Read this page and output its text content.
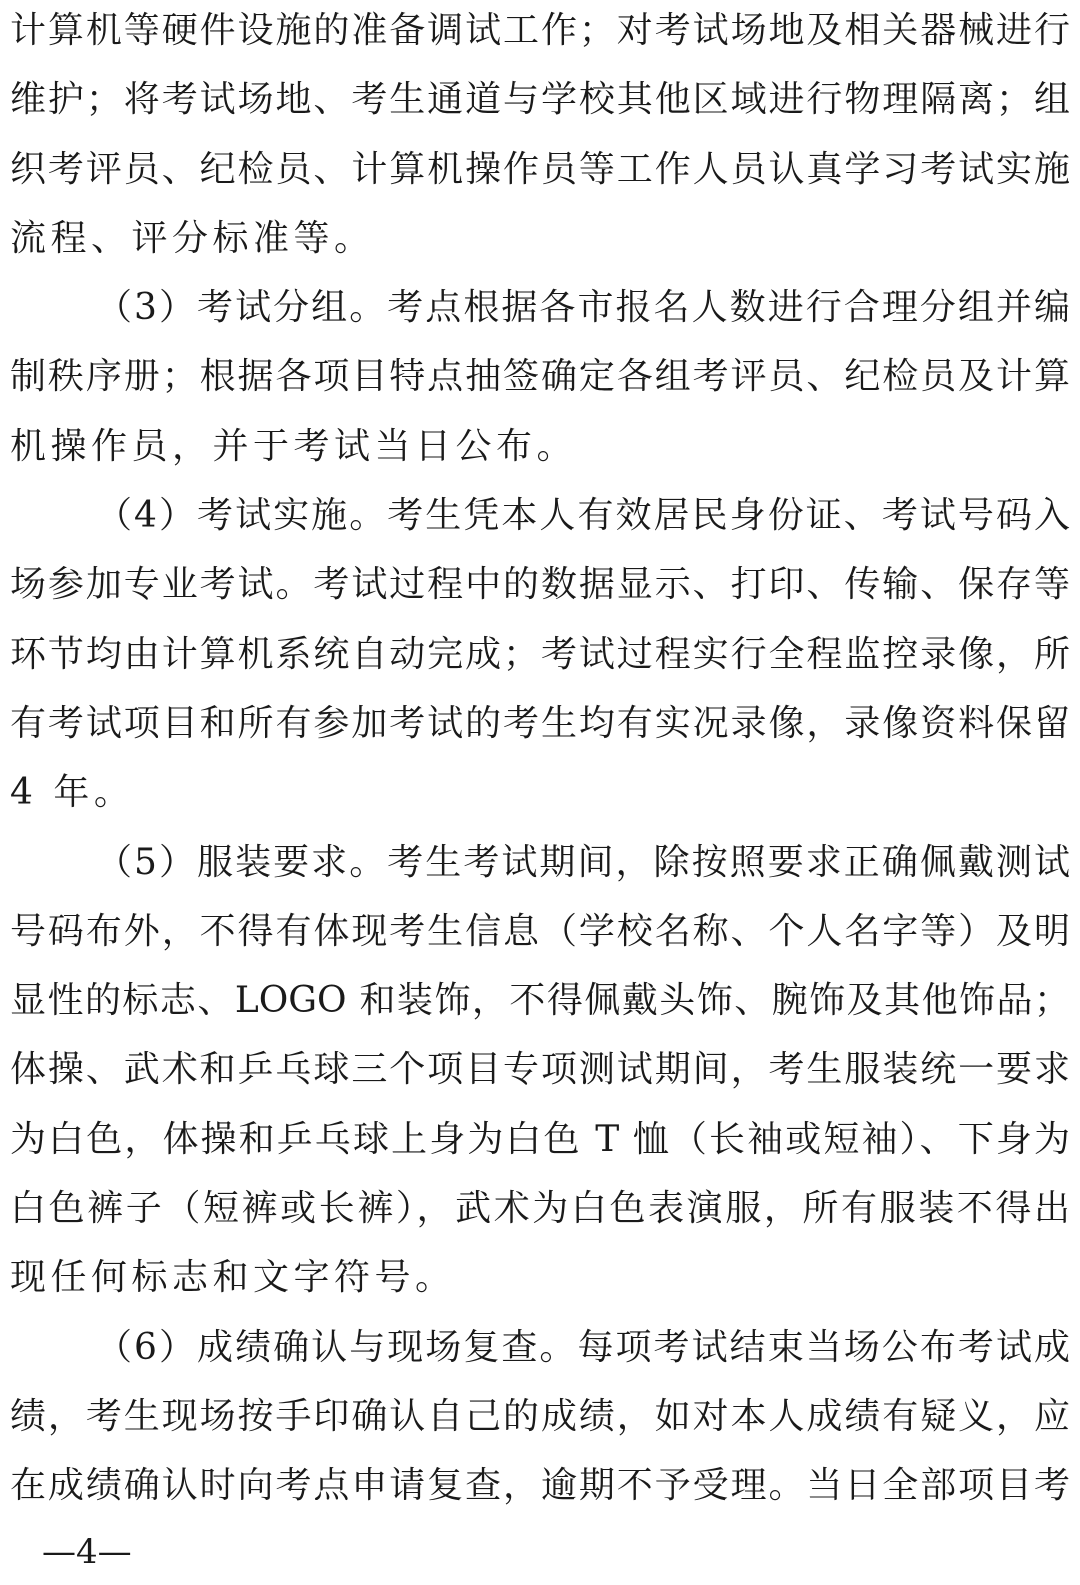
计算机等硬件设施的准备调试工作；对考试场地及相关器械进行
维护；将考试场地、考生通道与学校其他区域进行物理隔离；组
织考评员、纪检员、计算机操作员等工作人员认真学习考试实施
流程、评分标准等。
（3）考试分组。考点根据各市报名人数进行合理分组并编
制秩序册；根据各项目特点抽签确定各组考评员、纪检员及计算
机操作员，并于考试当日公布。
（4）考试实施。考生凭本人有效居民身份证、考试号码入
场参加专业考试。考试过程中的数据显示、打印、传输、保存等
环节均由计算机系统自动完成；考试过程实行全程监控录像，所
有考试项目和所有参加考试的考生均有实况录像，录像资料保留
4 年。
（5）服装要求。考生考试期间，除按照要求正确佩戴测试
号码布外，不得有体现考生信息（学校名称、个人名字等）及明
显性的标志、LOGO 和装饰，不得佩戴头饰、腕饰及其他饰品；
体操、武术和乒乓球三个项目专项测试期间，考生服装统一要求
为白色，体操和乒乓球上身为白色 T 恤（长袖或短袖）、下身为
白色裤子（短裤或长裤），武术为白色表演服，所有服装不得出
现任何标志和文字符号。
（6）成绩确认与现场复查。每项考试结束当场公布考试成
绩，考生现场按手印确认自己的成绩，如对本人成绩有疑义，应
在成绩确认时向考点申请复查，逾期不予受理。当日全部项目考
—4—
